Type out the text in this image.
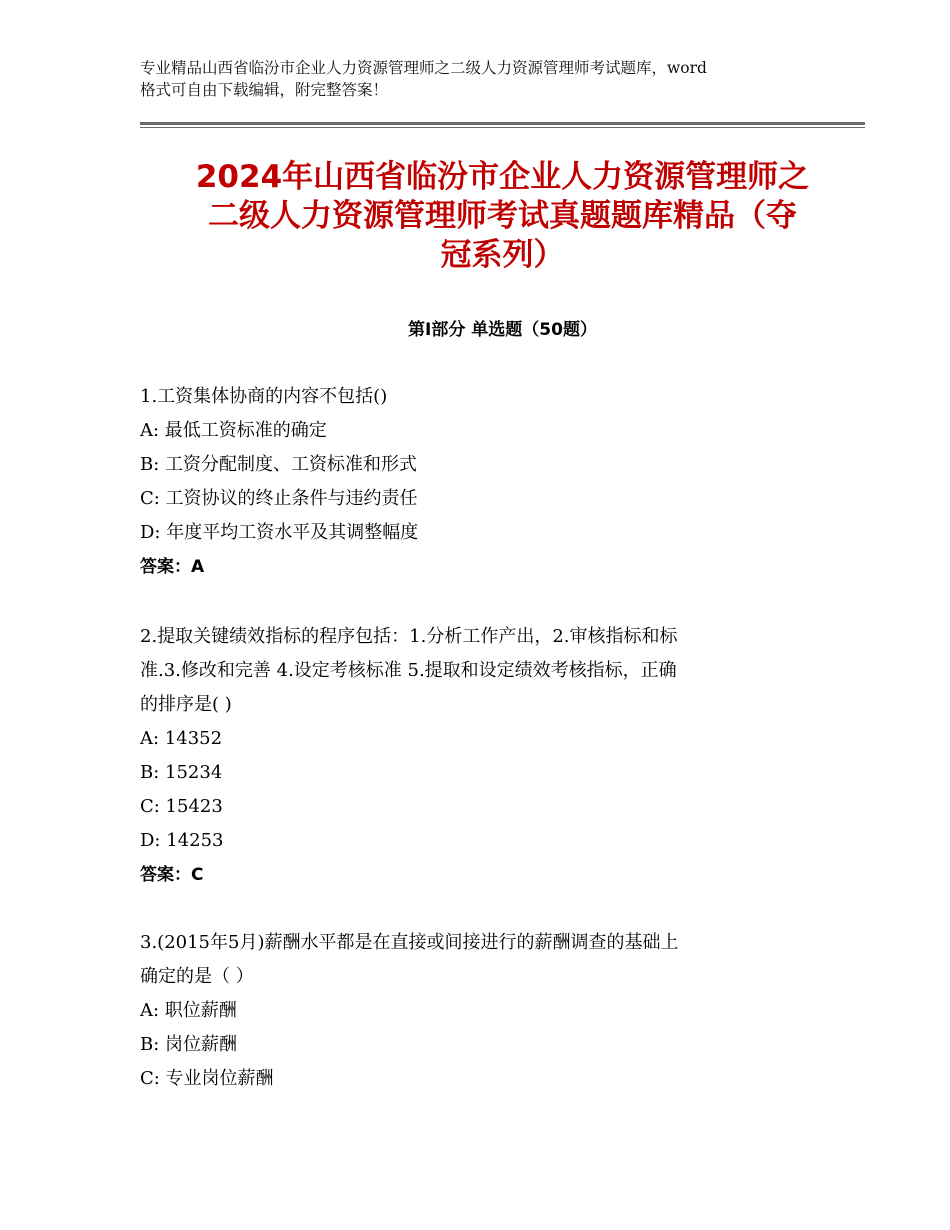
专业精品山西省临汾市企业人力资源管理师之二级人力资源管理师考试题库，word
格式可自由下载编辑，附完整答案！
2024年山西省临汾市企业人力资源管理师之
二级人力资源管理师考试真题题库精品（夺
冠系列）
第Ⅰ部分 单选题（50题）
1.工资集体协商的内容不包括()
A: 最低工资标准的确定
B: 工资分配制度、工资标准和形式
C: 工资协议的终止条件与违约责任
D: 年度平均工资水平及其调整幅度
答案：A
2.提取关键绩效指标的程序包括：1.分析工作产出，2.审核指标和标
准.3.修改和完善 4.设定考核标准 5.提取和设定绩效考核指标，正确
的排序是( )
A: 14352
B: 15234
C: 15423
D: 14253
答案：C
3.(2015年5月)薪酬水平都是在直接或间接进行的薪酬调查的基础上
确定的是（ ）
A: 职位薪酬
B: 岗位薪酬
C: 专业岗位薪酬
